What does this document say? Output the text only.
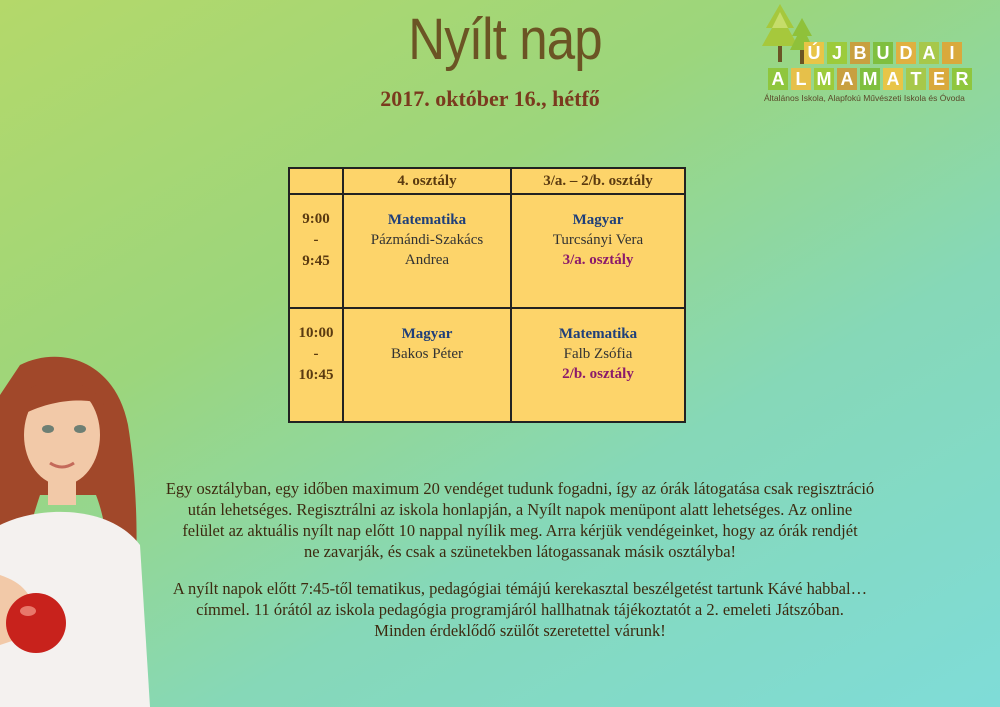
Nyílt nap
2017. október 16., hétfő
Ú J B U D A I
A L M A M A T E R
Általános Iskola, Alapfokú Művészeti Iskola és Óvoda
	4. osztály	3/a. – 2/b. osztály

9:00
-
9:45	Matematika
Pázmándi-Szakács
Andrea	Magyar
Turcsányi Vera
3/a. osztály

10:00
-
10:45	Magyar
Bakos Péter	Matematika
Falb Zsófia
2/b. osztály
Egy osztályban, egy időben maximum 20 vendéget tudunk fogadni, így az órák látogatása csak regisztráció
után lehetséges. Regisztrálni az iskola honlapján, a Nyílt napok menüpont alatt lehetséges. Az online
felület az aktuális nyílt nap előtt 10 nappal nyílik meg. Arra kérjük vendégeinket, hogy az órák rendjét
ne zavarják, és csak a szünetekben látogassanak másik osztályba!
A nyílt napok előtt 7:45-től tematikus, pedagógiai témájú kerekasztal beszélgetést tartunk Kávé habbal…
címmel. 11 órától az iskola pedagógia programjáról hallhatnak tájékoztatót a 2. emeleti Játszóban.
Minden érdeklődő szülőt szeretettel várunk!
